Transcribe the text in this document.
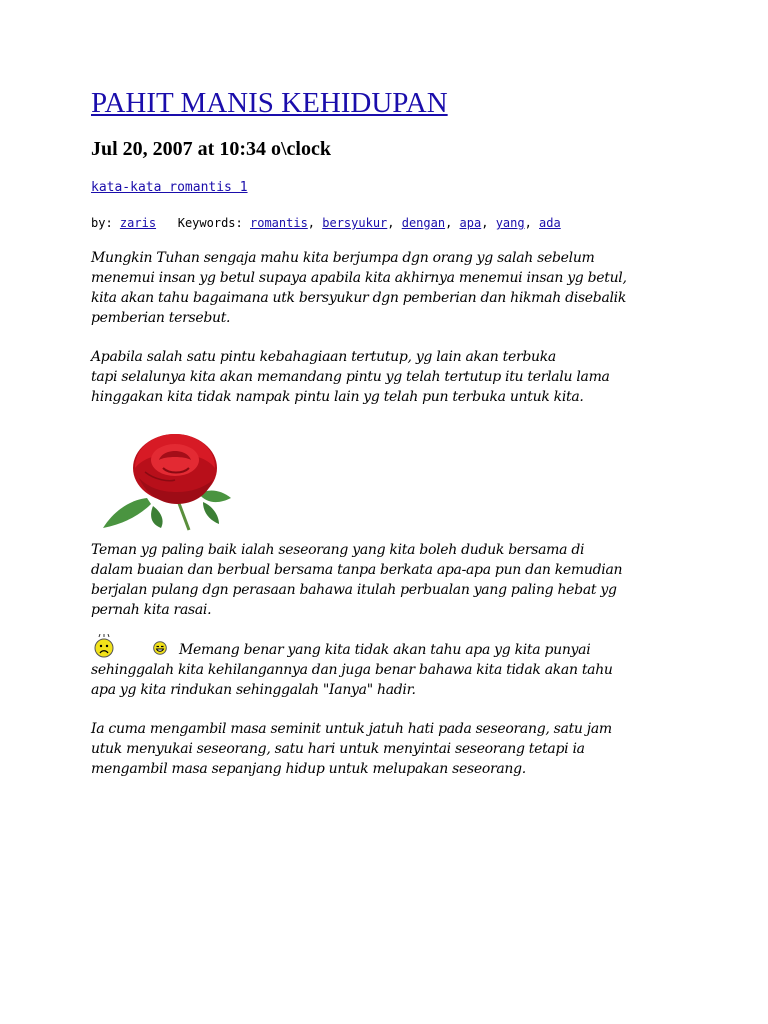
PAHIT MANIS KEHIDUPAN
Jul 20, 2007 at 10:34 o\clock
kata-kata romantis 1
by: zaris Keywords: romantis, bersyukur, dengan, apa, yang, ada

Mungkin Tuhan sengaja mahu kita berjumpa dgn orang yg salah sebelum
menemui insan yg betul supaya apabila kita akhirnya menemui insan yg betul,
kita akan tahu bagaimana utk bersyukur dgn pemberian dan hikmah disebalik
pemberian tersebut.

Apabila salah satu pintu kebahagiaan tertutup, yg lain akan terbuka
tapi selalunya kita akan memandang pintu yg telah tertutup itu terlalu lama
hinggakan kita tidak nampak pintu lain yg telah pun terbuka untuk kita.

Teman yg paling baik ialah seseorang yang kita boleh duduk bersama di
dalam buaian dan berbual bersama tanpa berkata apa-apa pun dan kemudian
berjalan pulang dgn perasaan bahawa itulah perbualan yang paling hebat yg
pernah kita rasai.

Memang benar yang kita tidak akan tahu apa yg kita punyai
sehinggalah kita kehilangannya dan juga benar bahawa kita tidak akan tahu
apa yg kita rindukan sehinggalah "Ianya" hadir.

Ia cuma mengambil masa seminit untuk jatuh hati pada seseorang, satu jam
utuk menyukai seseorang, satu hari untuk menyintai seseorang tetapi ia
mengambil masa sepanjang hidup untuk melupakan seseorang.
